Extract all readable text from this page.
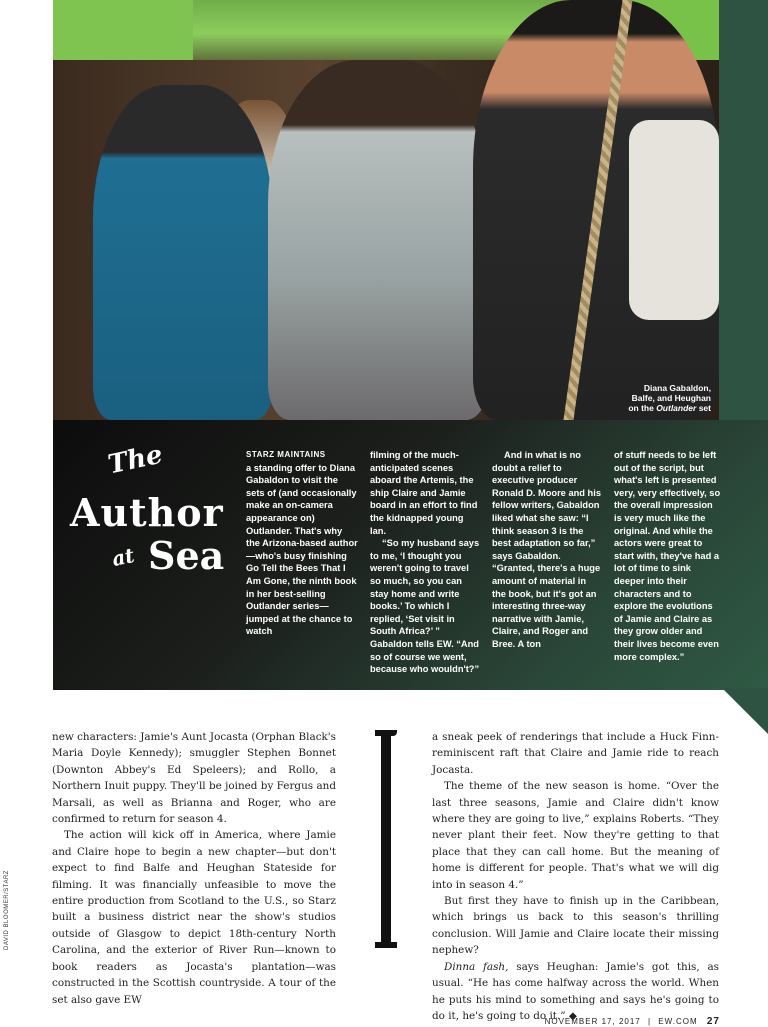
Diana Gabaldon,
Balfe, and Heughan
on the Outlander set
The
Author
at Sea

STARZ MAINTAINS

a standing offer to Diana Gabaldon to visit the sets of (and occasionally make an on-camera appearance on) Outlander. That's why the Arizona-based author—who's busy finishing Go Tell the Bees That I Am Gone, the ninth book in her best-selling Outlander series—jumped at the chance to watch

filming of the much-anticipated scenes aboard the Artemis, the ship Claire and Jamie board in an effort to find the kidnapped young Ian.

“So my husband says to me, ‘I thought you weren't going to travel so much, so you can stay home and write books.’ To which I replied, ‘Set visit in South Africa?’ ” Gabaldon tells EW. “And so of course we went, because who wouldn't?”

And in what is no doubt a relief to executive producer Ronald D. Moore and his fellow writers, Gabaldon liked what she saw: “I think season 3 is the best adaptation so far,” says Gabaldon. “Granted, there's a huge amount of material in the book, but it's got an interesting three-way narrative with Jamie, Claire, and Roger and Bree. A ton

of stuff needs to be left out of the script, but what's left is presented very, very effectively, so the overall impression is very much like the original. And while the actors were great to start with, they've had a lot of time to sink deeper into their characters and to explore the evolutions of Jamie and Claire as they grow older and their lives become even more complex.”

new characters: Jamie's Aunt Jocasta (Orphan Black's Maria Doyle Kennedy); smuggler Stephen Bonnet (Downton Abbey's Ed Speleers); and Rollo, a Northern Inuit puppy. They'll be joined by Fergus and Marsali, as well as Brianna and Roger, who are confirmed to return for season 4.

The action will kick off in America, where Jamie and Claire hope to begin a new chapter—but don't expect to find Balfe and Heughan Stateside for filming. It was financially unfeasible to move the entire production from Scotland to the U.S., so Starz built a business district near the show's studios outside of Glasgow to depict 18th-century North Carolina, and the exterior of River Run—known to book readers as Jocasta's plantation—was constructed in the Scottish countryside. A tour of the set also gave EW

a sneak peek of renderings that include a Huck Finn-reminiscent raft that Claire and Jamie ride to reach Jocasta.

The theme of the new season is home. “Over the last three seasons, Jamie and Claire didn't know where they are going to live,” explains Roberts. “They never plant their feet. Now they're getting to that place that they can call home. But the meaning of home is different for people. That's what we will dig into in season 4.”

But first they have to finish up in the Caribbean, which brings us back to this season's thrilling conclusion. Will Jamie and Claire locate their missing nephew?

Dinna fash, says Heughan: Jamie's got this, as usual. “He has come halfway across the world. When he puts his mind to something and says he's going to do it, he's going to do it.” ◆

DAVID BLOOMER/STARZ
NOVEMBER 17, 2017 | EW.COM 27
